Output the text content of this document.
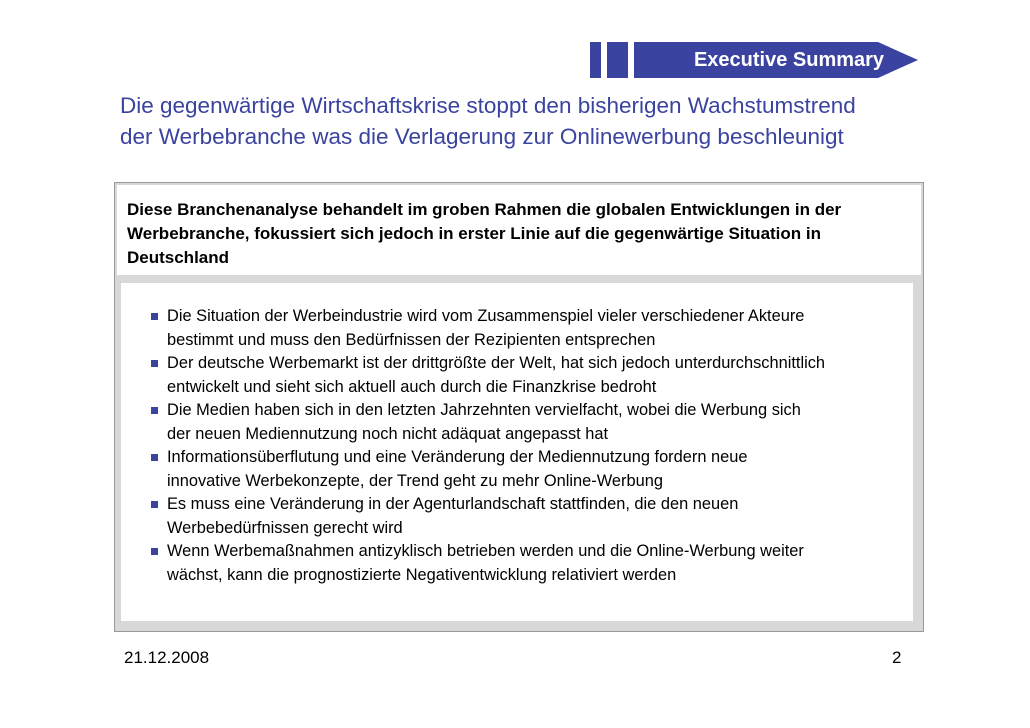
Executive Summary
Die gegenwärtige Wirtschaftskrise stoppt den bisherigen Wachstumstrend
der Werbebranche was die Verlagerung zur Onlinewerbung beschleunigt
Diese Branchenanalyse behandelt im groben Rahmen die globalen Entwicklungen in der Werbebranche, fokussiert sich jedoch in erster Linie auf die gegenwärtige Situation in Deutschland
Die Situation der Werbeindustrie wird vom Zusammenspiel vieler verschiedener Akteure
bestimmt und muss den Bedürfnissen der Rezipienten entsprechen
Der deutsche Werbemarkt ist der drittgrößte der Welt, hat sich jedoch unterdurchschnittlich
entwickelt und sieht sich aktuell auch durch die Finanzkrise bedroht
Die Medien haben sich in den letzten Jahrzehnten vervielfacht, wobei die Werbung sich
der neuen Mediennutzung noch nicht adäquat angepasst hat
Informationsüberflutung und eine Veränderung der Mediennutzung fordern neue
innovative Werbekonzepte, der Trend geht zu mehr Online-Werbung
Es muss eine Veränderung in der Agenturlandschaft stattfinden, die den neuen
Werbebedürfnissen gerecht wird
Wenn Werbemaßnahmen antizyklisch betrieben werden und die Online-Werbung weiter
wächst, kann die prognostizierte Negativentwicklung relativiert werden
21.12.2008	2
